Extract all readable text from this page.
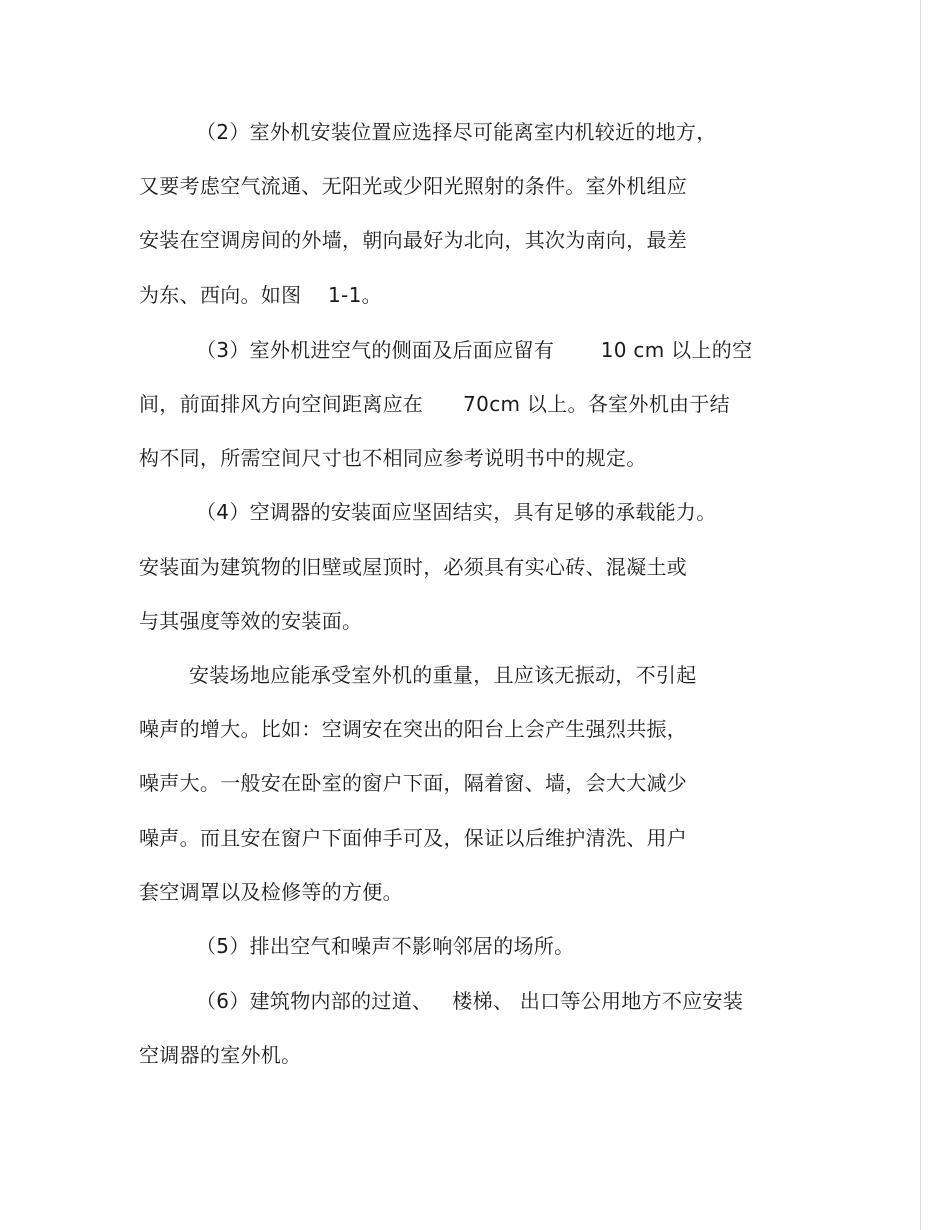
（2）室外机安装位置应选择尽可能离室内机较近的地方，
又要考虑空气流通、无阳光或少阳光照射的条件。室外机组应
安装在空调房间的外墙，朝向最好为北向，其次为南向，最差
为东、西向。如图    1-1。
（3）室外机进空气的侧面及后面应留有       10 cm 以上的空
间，前面排风方向空间距离应在      70cm 以上。各室外机由于结
构不同，所需空间尺寸也不相同应参考说明书中的规定。
（4）空调器的安装面应坚固结实，具有足够的承载能力。
安装面为建筑物的旧壁或屋顶时，必须具有实心砖、混凝土或
与其强度等效的安装面。
安装场地应能承受室外机的重量，且应该无振动，不引起
噪声的增大。比如：空调安在突出的阳台上会产生强烈共振，
噪声大。一般安在卧室的窗户下面，隔着窗、墙，会大大减少
噪声。而且安在窗户下面伸手可及，保证以后维护清洗、用户
套空调罩以及检修等的方便。
（5）排出空气和噪声不影响邻居的场所。
（6）建筑物内部的过道、   楼梯、 出口等公用地方不应安装
空调器的室外机。
